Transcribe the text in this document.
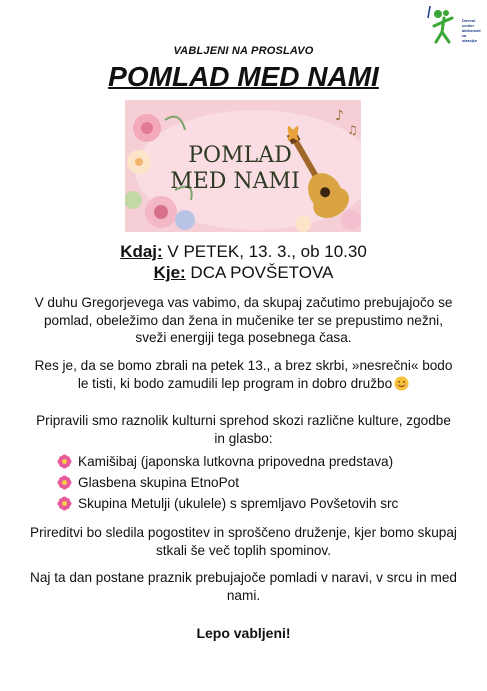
Dnevni
center
aktivnosti
za
starejše
VABLJENI NA PROSLAVO
POMLAD MED NAMI
POMLAD
MED NAMI
♪
♫
Kdaj: V PETEK, 13. 3., ob 10.30
Kje: DCA POVŠETOVA
V duhu Gregorjevega vas vabimo, da skupaj začutimo prebujajočo se pomlad, obeležimo dan žena in mučenike ter se prepustimo nežni, sveži energiji tega posebnega časa.
Res je, da se bomo zbrali na petek 13., a brez skrbi, »nesrečni« bodo le tisti, ki bodo zamudili lep program in dobro družbo
Pripravili smo raznolik kulturni sprehod skozi različne kulture, zgodbe in glasbo:
Kamišibaj (japonska lutkovna pripovedna predstava)
Glasbena skupina EtnoPot
Skupina Metulji (ukulele) s spremljavo Povšetovih src
Prireditvi bo sledila pogostitev in sproščeno druženje, kjer bomo skupaj stkali še več toplih spominov.
Naj ta dan postane praznik prebujajoče pomladi v naravi, v srcu in med nami.
Lepo vabljeni!
